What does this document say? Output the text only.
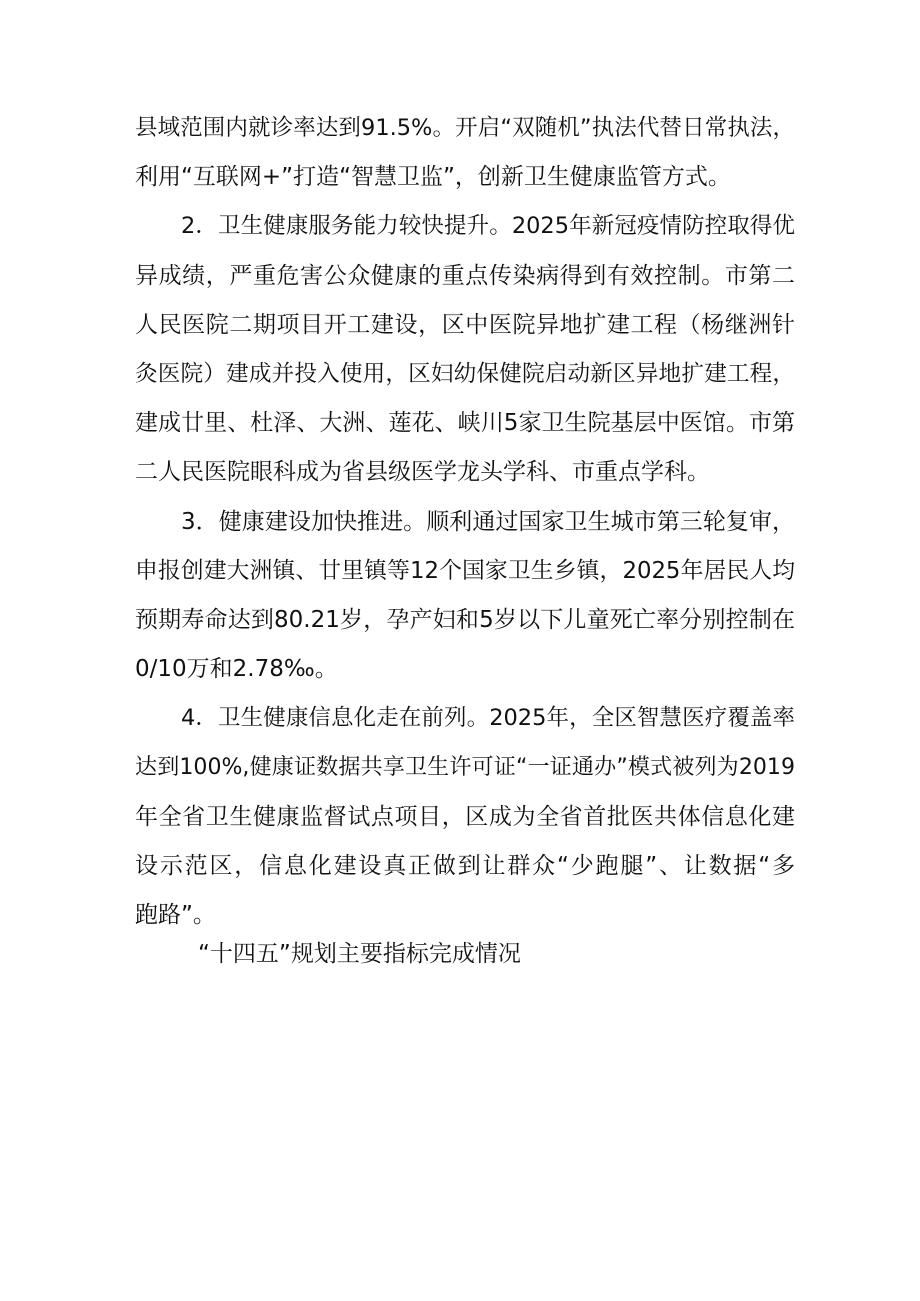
县域范围内就诊率达到91.5%。开启“双随机”执法代替日常执法，
利用“互联网+”打造“智慧卫监”，创新卫生健康监管方式。
2．卫生健康服务能力较快提升。2025年新冠疫情防控取得优
异成绩，严重危害公众健康的重点传染病得到有效控制。市第二
人民医院二期项目开工建设，区中医院异地扩建工程（杨继洲针
灸医院）建成并投入使用，区妇幼保健院启动新区异地扩建工程，
建成廿里、杜泽、大洲、莲花、峡川5家卫生院基层中医馆。市第
二人民医院眼科成为省县级医学龙头学科、市重点学科。
3．健康建设加快推进。顺利通过国家卫生城市第三轮复审，
申报创建大洲镇、廿里镇等12个国家卫生乡镇，2025年居民人均
预期寿命达到80.21岁，孕产妇和5岁以下儿童死亡率分别控制在
0/10万和2.78‰。
4．卫生健康信息化走在前列。2025年，全区智慧医疗覆盖率
达到100%,健康证数据共享卫生许可证“一证通办”模式被列为2019
年全省卫生健康监督试点项目，区成为全省首批医共体信息化建
设示范区，信息化建设真正做到让群众“少跑腿”、让数据“多
跑路”。
“十四五”规划主要指标完成情况
